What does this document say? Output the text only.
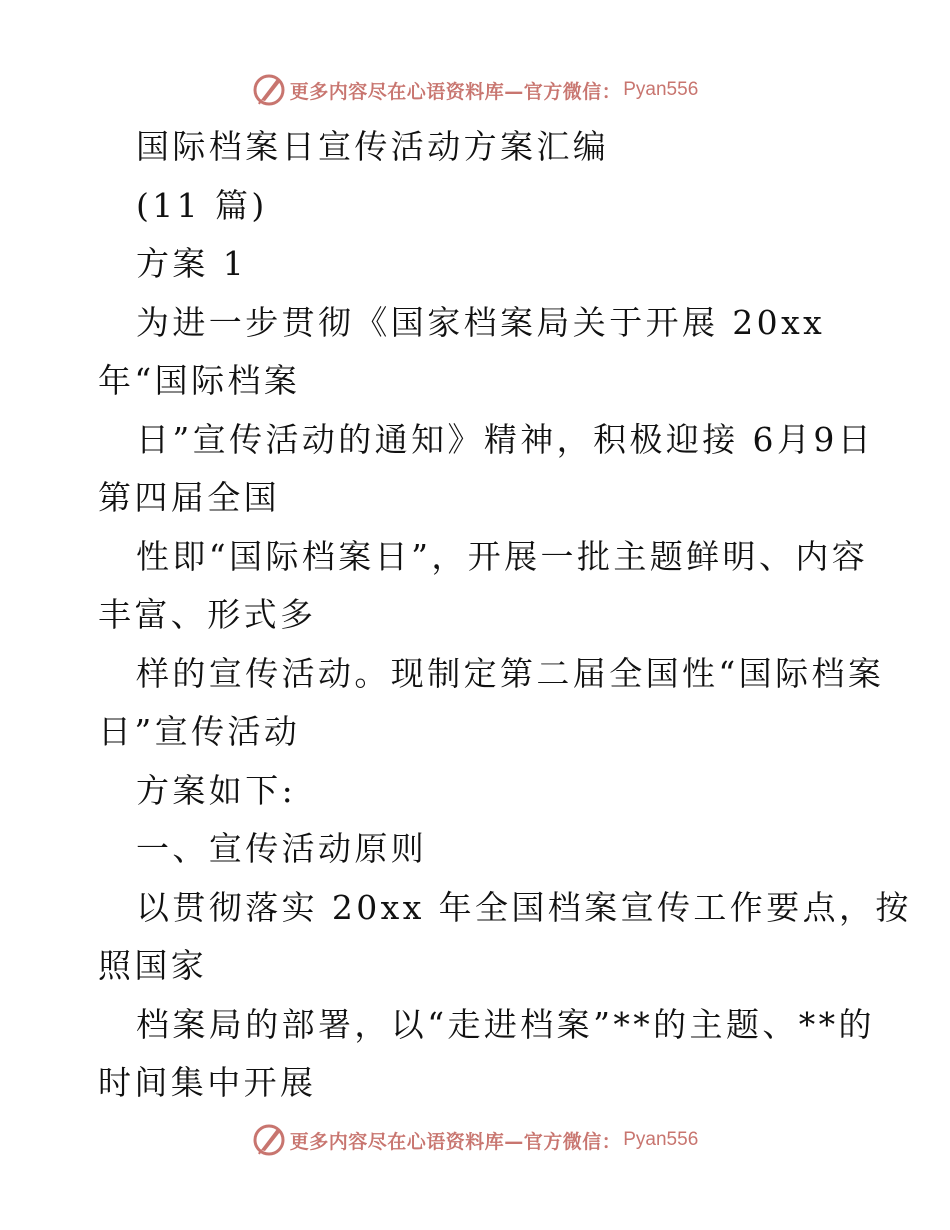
更多内容尽在心语资料库—官方微信： Pyan556
国际档案日宣传活动方案汇编
(11 篇)
方案 1
为进一步贯彻《国家档案局关于开展 20xx
年“国际档案
日”宣传活动的通知》精神，积极迎接 6月9日
第四届全国
性即“国际档案日”，开展一批主题鲜明、内容
丰富、形式多
样的宣传活动。现制定第二届全国性“国际档案
日”宣传活动
方案如下:
一、宣传活动原则
以贯彻落实 20xx 年全国档案宣传工作要点，按
照国家
档案局的部署，以“走进档案”**的主题、**的
时间集中开展
更多内容尽在心语资料库—官方微信： Pyan556
